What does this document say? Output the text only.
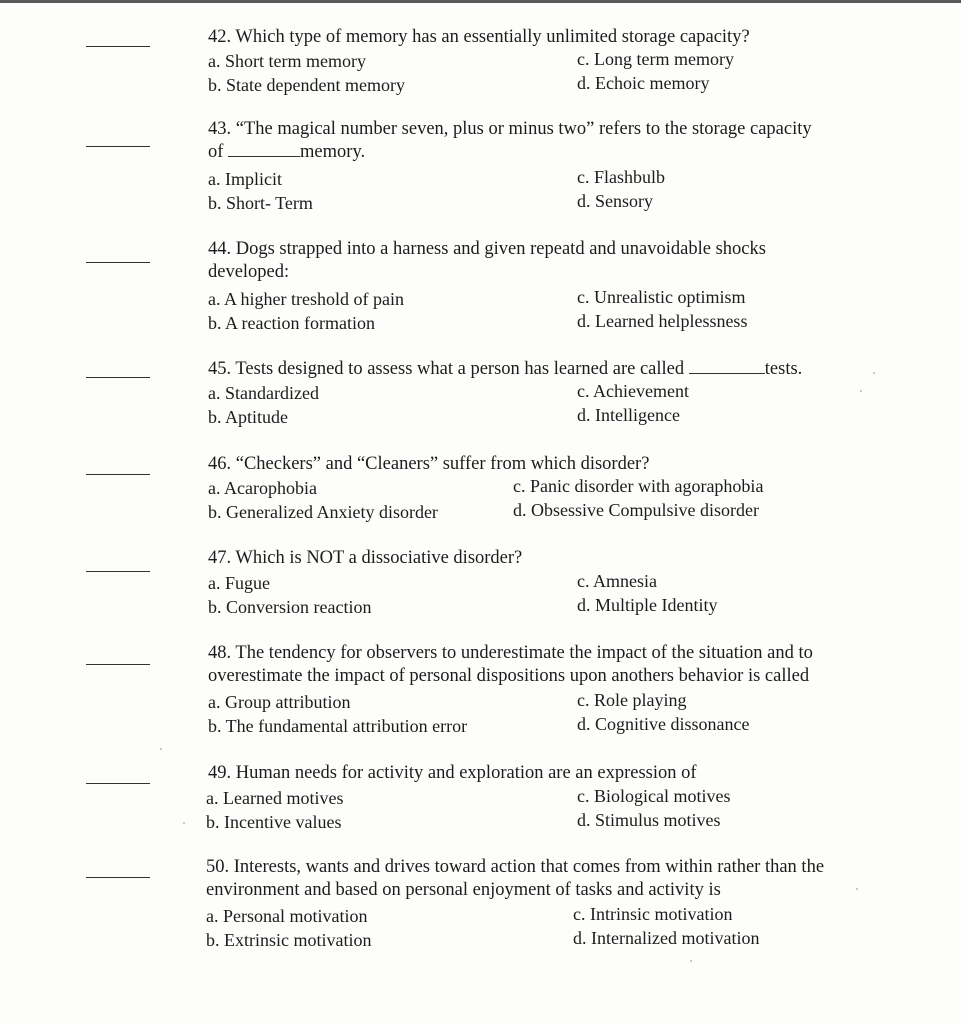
42. Which type of memory has an essentially unlimited storage capacity?

a. Short term memory
b. State dependent memory
c. Long term memory
d. Echoic memory

43. “The magical number seven, plus or minus two” refers to the storage capacity
of	memory.

a. Implicit
b. Short- Term
c. Flashbulb
d. Sensory

44. Dogs strapped into a harness and given repeatd and unavoidable shocks developed:

a. A higher treshold of pain
b. A reaction formation
c. Unrealistic optimism
d. Learned helplessness

45. Tests designed to assess what a person has learned are called	tests.

a. Standardized
b. Aptitude
c. Achievement
d. Intelligence

46. “Checkers” and “Cleaners” suffer from which disorder?

a. Acarophobia
b. Generalized Anxiety disorder
c. Panic disorder with agoraphobia
d. Obsessive Compulsive disorder

47. Which is NOT a dissociative disorder?

a. Fugue
b. Conversion reaction
c. Amnesia
d. Multiple Identity

48. The tendency for observers to underestimate the impact of the situation and to overestimate the impact of personal dispositions upon anothers behavior is called

a. Group attribution
b. The fundamental attribution error
c. Role playing
d. Cognitive dissonance

49. Human needs for activity and exploration are an expression of

a. Learned motives
b. Incentive values
c. Biological motives
d. Stimulus motives

50. Interests, wants and drives toward action that comes from within rather than the environment and based on personal enjoyment of tasks and activity is

a. Personal motivation
b. Extrinsic motivation
c. Intrinsic motivation
d. Internalized motivation
